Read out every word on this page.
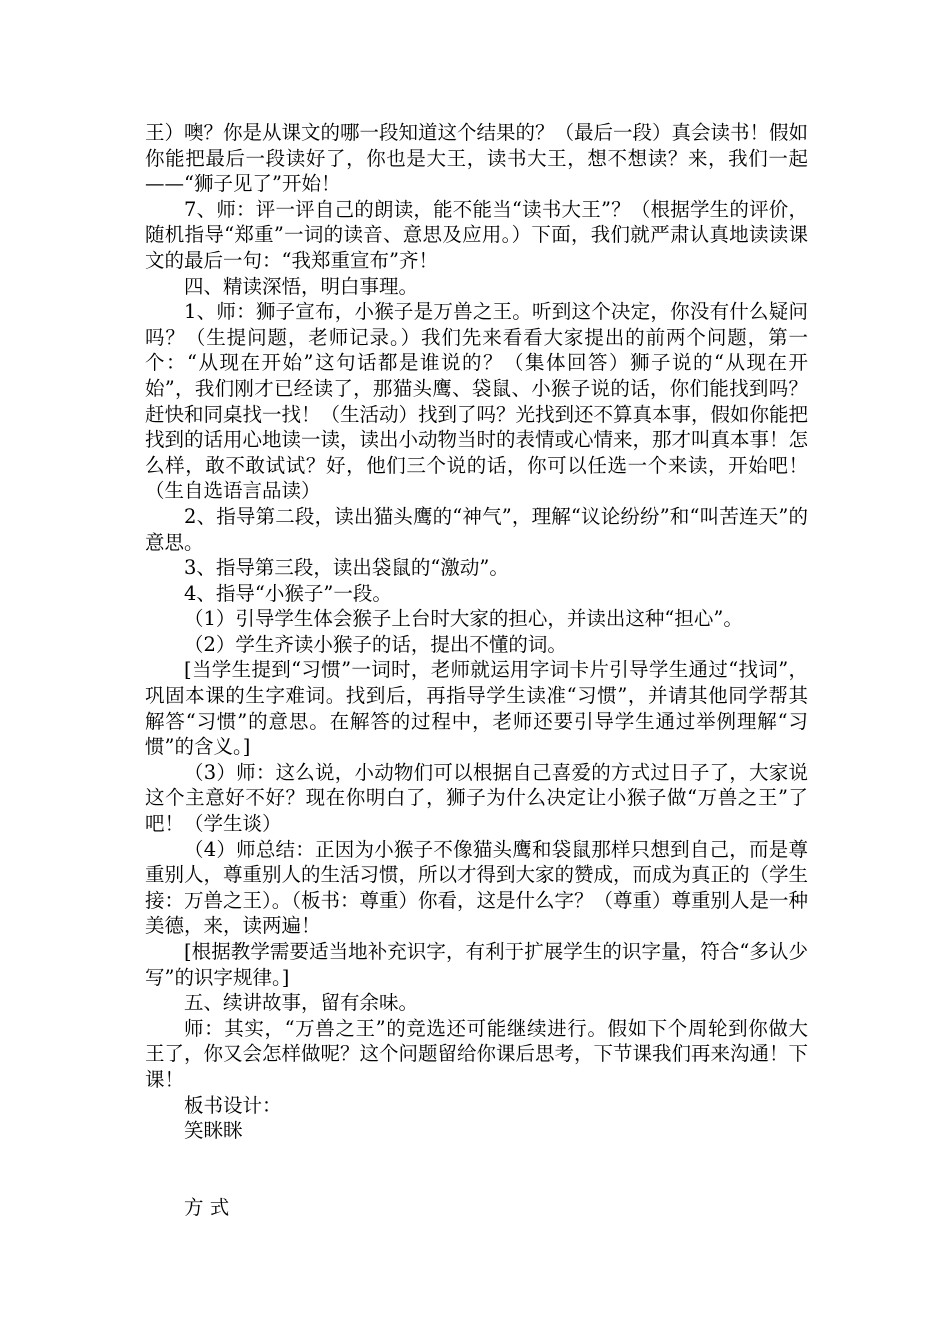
王）噢？你是从课文的哪一段知道这个结果的？（最后一段）真会读书！假如你能把最后一段读好了，你也是大王，读书大王，想不想读？来，我们一起——“狮子见了”开始！

7、师：评一评自己的朗读，能不能当“读书大王”？（根据学生的评价，随机指导“郑重”一词的读音、意思及应用。）下面，我们就严肃认真地读读课文的最后一句：“我郑重宣布”齐！

四、精读深悟，明白事理。

1、师：狮子宣布，小猴子是万兽之王。听到这个决定，你没有什么疑问吗？（生提问题，老师记录。）我们先来看看大家提出的前两个问题，第一个：“从现在开始”这句话都是谁说的？（集体回答）狮子说的“从现在开始”，我们刚才已经读了，那猫头鹰、袋鼠、小猴子说的话，你们能找到吗？赶快和同桌找一找！（生活动）找到了吗？光找到还不算真本事，假如你能把找到的话用心地读一读，读出小动物当时的表情或心情来，那才叫真本事！怎么样，敢不敢试试？好，他们三个说的话，你可以任选一个来读，开始吧！（生自选语言品读）

2、指导第二段，读出猫头鹰的“神气”，理解“议论纷纷”和“叫苦连天”的意思。

3、指导第三段，读出袋鼠的“激动”。

4、指导“小猴子”一段。

（1）引导学生体会猴子上台时大家的担心，并读出这种“担心”。

（2）学生齐读小猴子的话，提出不懂的词。

[当学生提到“习惯”一词时，老师就运用字词卡片引导学生通过“找词”，巩固本课的生字难词。找到后，再指导学生读准“习惯”，并请其他同学帮其解答“习惯”的意思。在解答的过程中，老师还要引导学生通过举例理解“习惯”的含义。]

（3）师：这么说，小动物们可以根据自己喜爱的方式过日子了，大家说这个主意好不好？现在你明白了，狮子为什么决定让小猴子做“万兽之王”了吧！（学生谈）

（4）师总结：正因为小猴子不像猫头鹰和袋鼠那样只想到自己，而是尊重别人，尊重别人的生活习惯，所以才得到大家的赞成，而成为真正的（学生接：万兽之王）。（板书：尊重）你看，这是什么字？（尊重）尊重别人是一种美德，来，读两遍！

[根据教学需要适当地补充识字，有利于扩展学生的识字量，符合“多认少写”的识字规律。]

五、续讲故事，留有余味。

师：其实，“万兽之王”的竞选还可能继续进行。假如下个周轮到你做大王了，你又会怎样做呢？这个问题留给你课后思考，下节课我们再来沟通！下课！

板书设计：

笑眯眯

方 式
